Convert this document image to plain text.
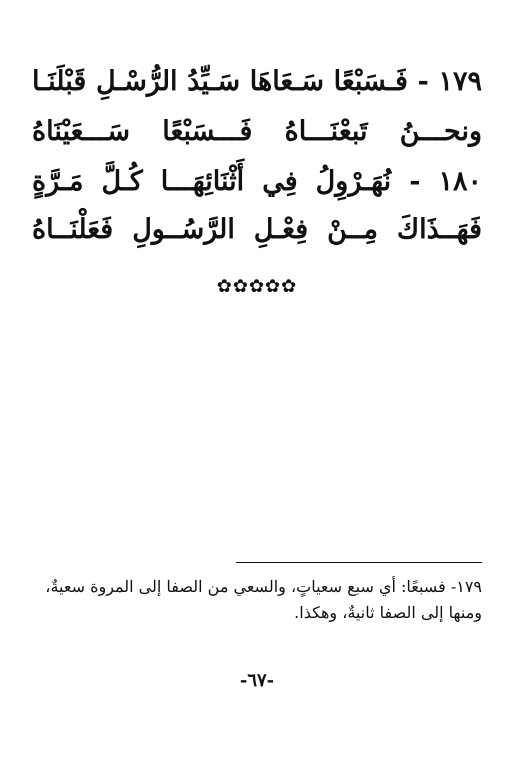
١٧٩ - فَـسَبْعًا سَـعَاهَا سَـيِّدُ الرُّسْـلِ قَبْلَنَـا
ونحـــنُ تَبعْنَـــاهُ فَـــسَبْعًا سَـــعَيْنَاهُ
١٨٠ - نُهَـرْوِلُ فِي أَثْنَائِهَـــا كُـلَّ مَـرَّةٍ
فَهَــذَاكَ مِــنْ فِعْـلِ الرَّسُــولِ فَعَلْنَــاهُ
✿✿✿✿✿
١٧٩- فسبعًا: أي سبع سعياتٍ، والسعي من الصفا إلى المروة سعيةٌ،
ومنها إلى الصفا ثانيةٌ، وهكذا.
-٦٧-
